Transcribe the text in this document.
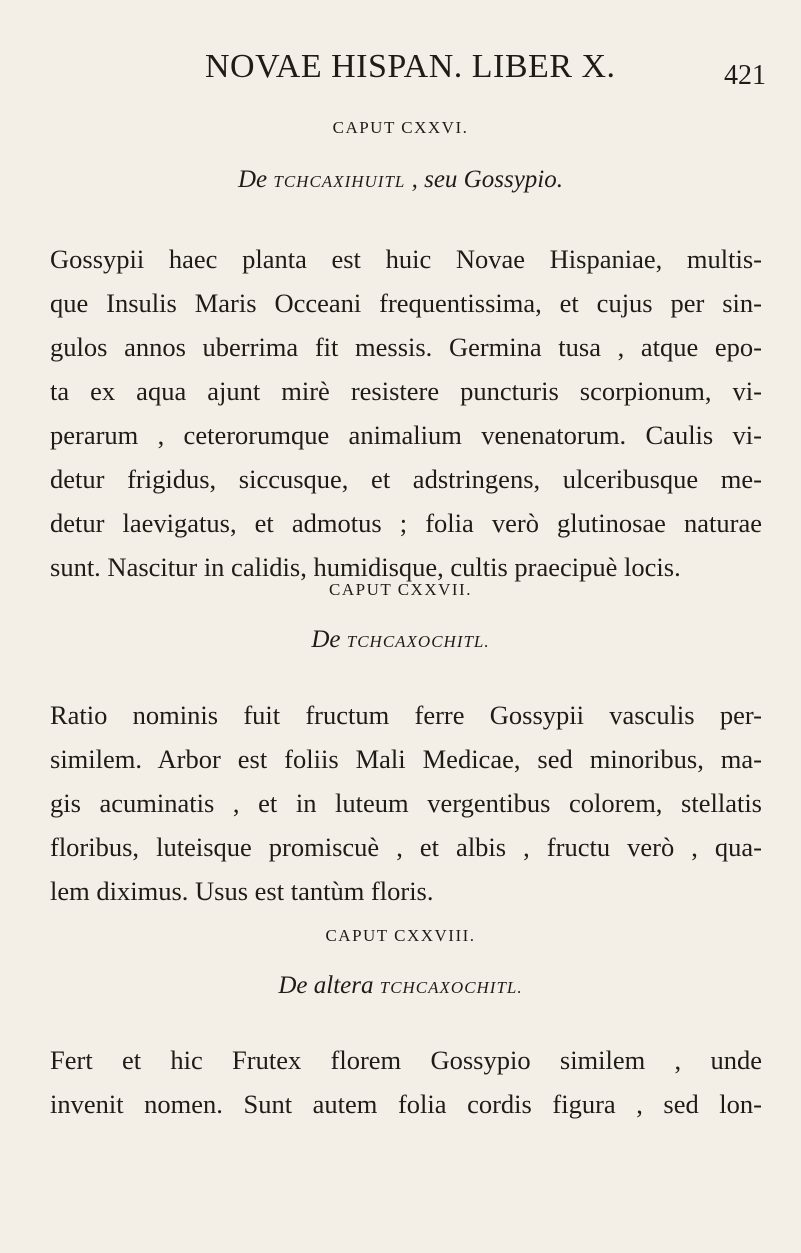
NOVAE HISPAN. LIBER X.	421
CAPUT CXXVI.
De TCHCAXIHUITL , seu Gossypio.
Gossypii haec planta est huic Novae Hispaniae, multis-
que Insulis Maris Occeani frequentissima, et cujus per sin-
gulos annos uberrima fit messis. Germina tusa , atque epo-
ta ex aqua ajunt mirè resistere puncturis scorpionum, vi-
perarum , ceterorumque animalium venenatorum. Caulis vi-
detur frigidus, siccusque, et adstringens, ulceribusque me-
detur laevigatus, et admotus ; folia verò glutinosae naturae
sunt. Nascitur in calidis, humidisque, cultis praecipuè locis.
CAPUT CXXVII.
De TCHCAXOCHITL.
Ratio nominis fuit fructum ferre Gossypii vasculis per-
similem. Arbor est foliis Mali Medicae, sed minoribus, ma-
gis acuminatis , et in luteum vergentibus colorem, stellatis
floribus, luteisque promiscuè , et albis , fructu verò , qua-
lem diximus. Usus est tantùm floris.
CAPUT CXXVIII.
De altera TCHCAXOCHITL.
Fert et hic Frutex florem Gossypio similem , unde
invenit nomen. Sunt autem folia cordis figura , sed lon-
